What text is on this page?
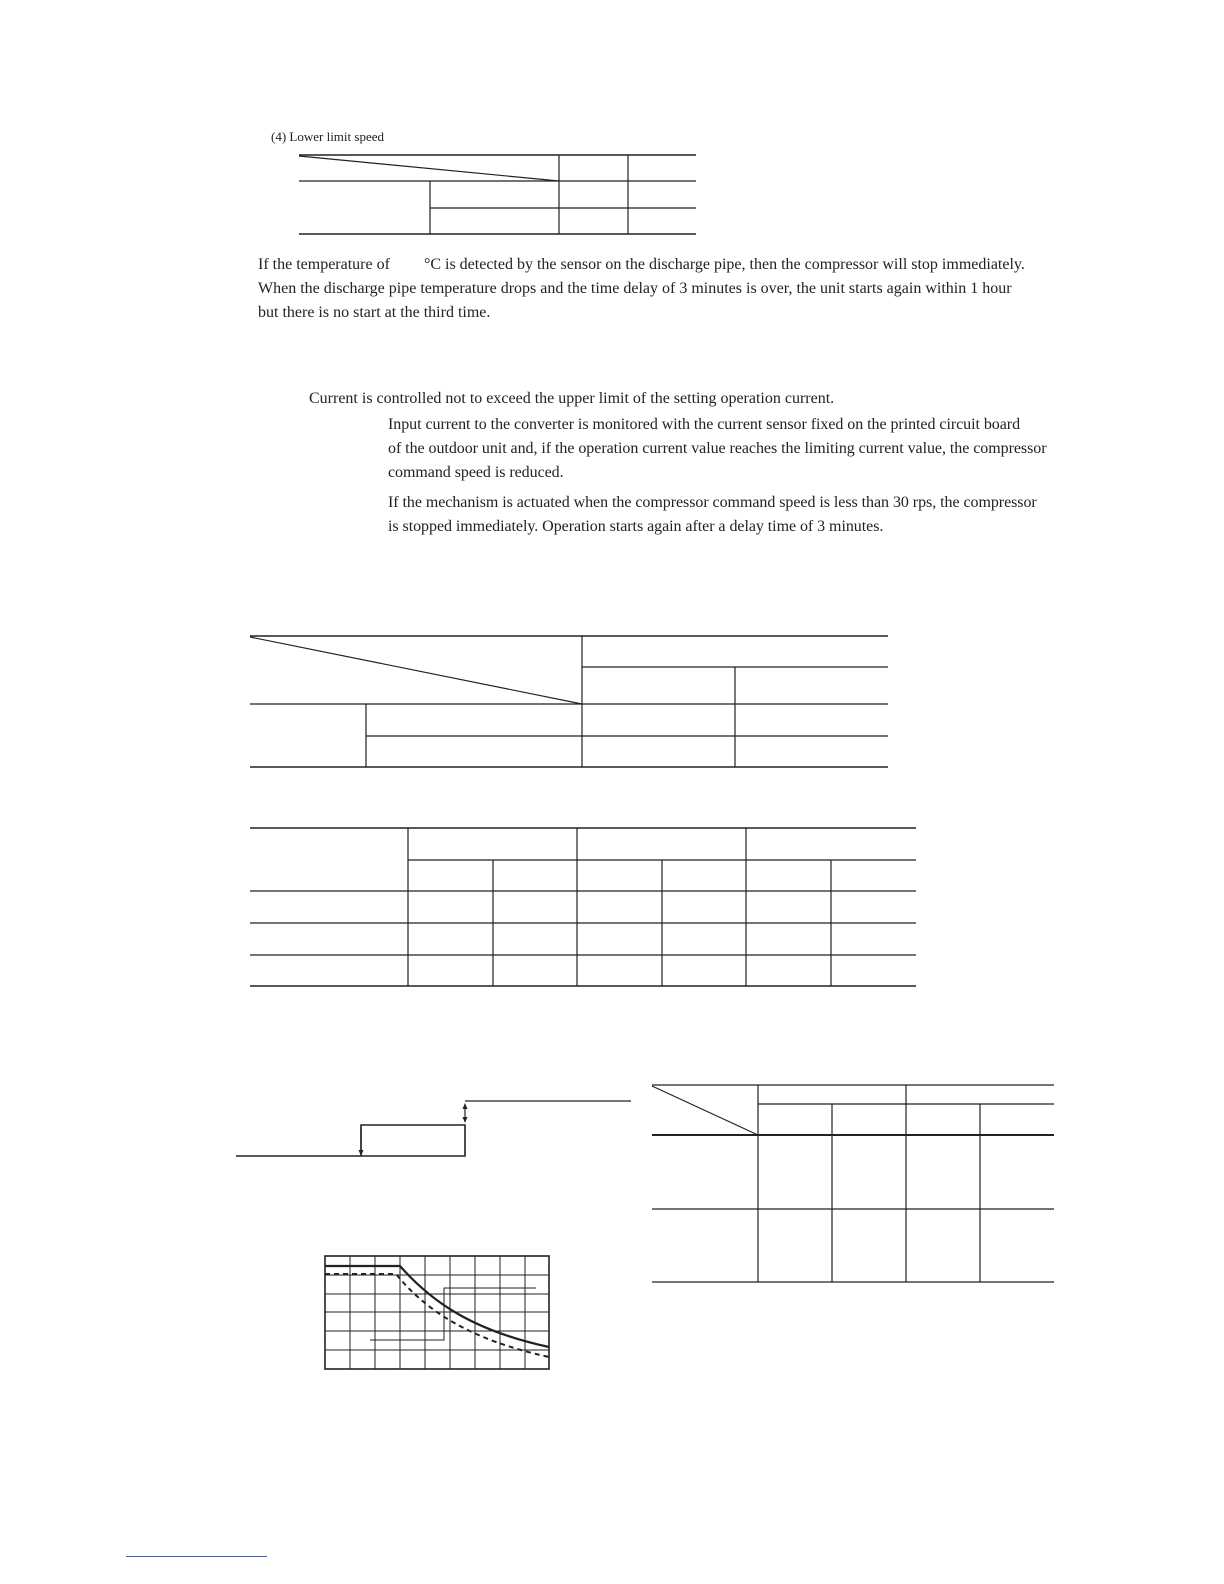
(4) Lower limit speed
If the temperature of °C is detected by the sensor on the discharge pipe, then the compressor will stop immediately.
When the discharge pipe temperature drops and the time delay of 3 minutes is over, the unit starts again within 1 hour
but there is no start at the third time.
Current is controlled not to exceed the upper limit of the setting operation current.
Input current to the converter is monitored with the current sensor fixed on the printed circuit board
of the outdoor unit and, if the operation current value reaches the limiting current value, the compressor
command speed is reduced.
If the mechanism is actuated when the compressor command speed is less than 30 rps, the compressor
is stopped immediately. Operation starts again after a delay time of 3 minutes.
